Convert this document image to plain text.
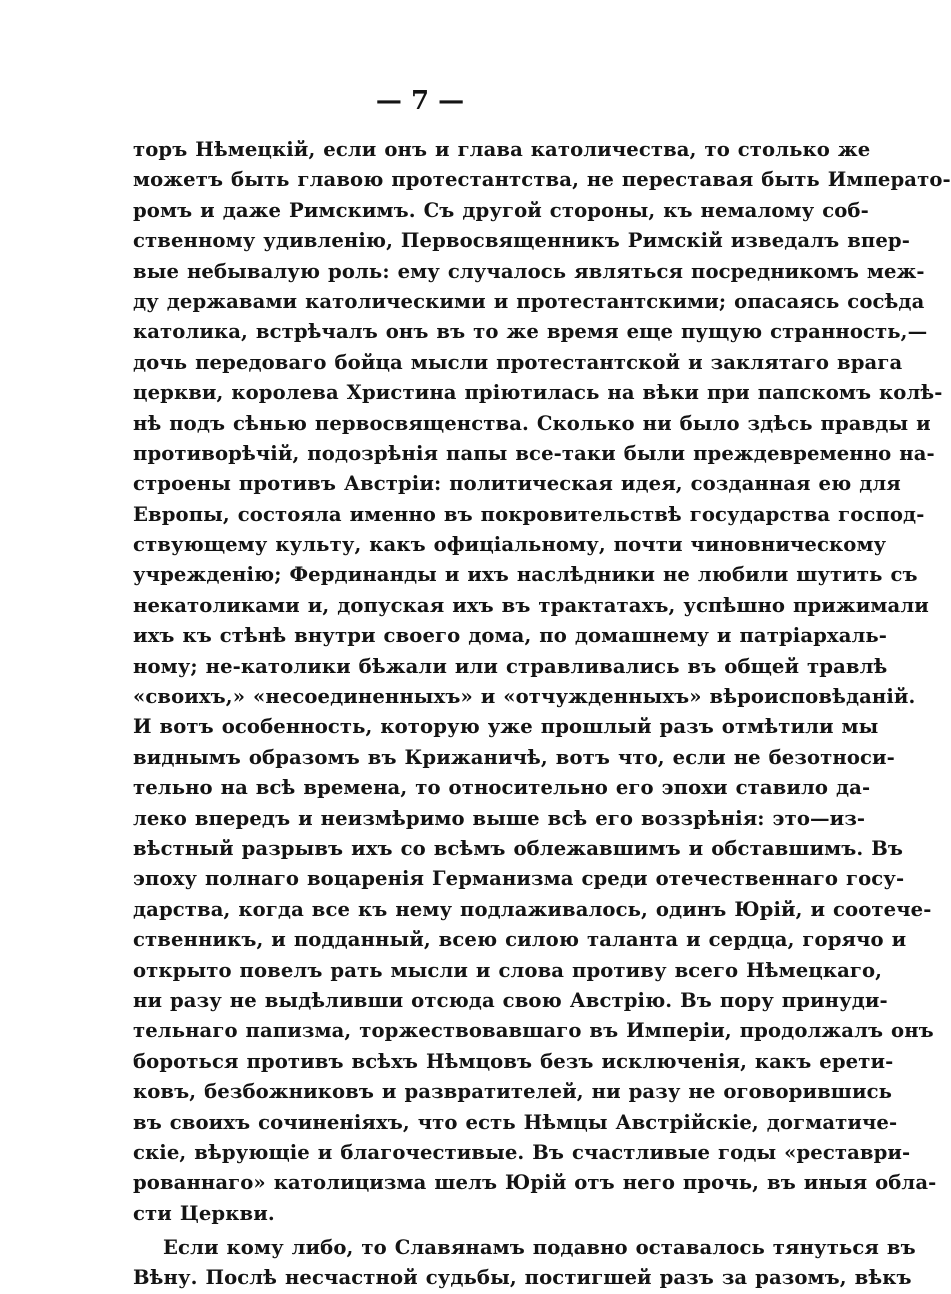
— 7 —
торъ Нѣмецкій, если онъ и глава католичества, то столько же
можетъ быть главою протестантства, не переставая быть Императо-
ромъ и даже Римскимъ. Съ другой стороны, къ немалому соб-
ственному удивленію, Первосвященникъ Римскій изведалъ впер-
вые небывалую роль: ему случалось являться посредникомъ меж-
ду державами католическими и протестантскими; опасаясь сосѣда
католика, встрѣчалъ онъ въ то же время еще пущую странность,—
дочь передоваго бойца мысли протестантской и заклятаго врага
церкви, королева Христина пріютилась на вѣки при папскомъ колѣ-
нѣ подъ сѣнью первосвященства. Сколько ни было здѣсь правды и
противорѣчій, подозрѣнія папы все-таки были преждевременно на-
строены противъ Австріи: политическая идея, созданная ею для
Европы, состояла именно въ покровительствѣ государства господ-
ствующему культу, какъ офиціальному, почти чиновническому
учрежденію; Фердинанды и ихъ наслѣдники не любили шутить съ
некатоликами и, допуская ихъ въ трактатахъ, успѣшно прижимали
ихъ къ стѣнѣ внутри своего дома, по домашнему и патріархаль-
ному; не-католики бѣжали или стравливались въ общей травлѣ
«своихъ,» «несоединенныхъ» и «отчужденныхъ» вѣроисповѣданій.
И вотъ особенность, которую уже прошлый разъ отмѣтили мы
виднымъ образомъ въ Крижаничѣ, вотъ что, если не безотноси-
тельно на всѣ времена, то относительно его эпохи ставило да-
леко впередъ и неизмѣримо выше всѣ его воззрѣнія: это—из-
вѣстный разрывъ ихъ со всѣмъ облежавшимъ и обставшимъ. Въ
эпоху полнаго воцаренія Германизма среди отечественнаго госу-
дарства, когда все къ нему подлаживалось, одинъ Юрій, и соотече-
ственникъ, и подданный, всею силою таланта и сердца, горячо и
открыто повелъ рать мысли и слова противу всего Нѣмецкаго,
ни разу не выдѣливши отсюда свою Австрію. Въ пору принуди-
тельнаго папизма, торжествовавшаго въ Имперіи, продолжалъ онъ
бороться противъ всѣхъ Нѣмцовъ безъ исключенія, какъ ерети-
ковъ, безбожниковъ и развратителей, ни разу не оговорившись
въ своихъ сочиненіяхъ, что есть Нѣмцы Австрійскіе, догматиче-
скіе, вѣрующіе и благочестивые. Въ счастливые годы «реставри-
рованнаго» католицизма шелъ Юрій отъ него прочь, въ иныя обла-
сти Церкви.
Если кому либо, то Славянамъ подавно оставалось тянуться въ
Вѣну. Послѣ несчастной судьбы, постигшей разъ за разомъ, вѣкъ
